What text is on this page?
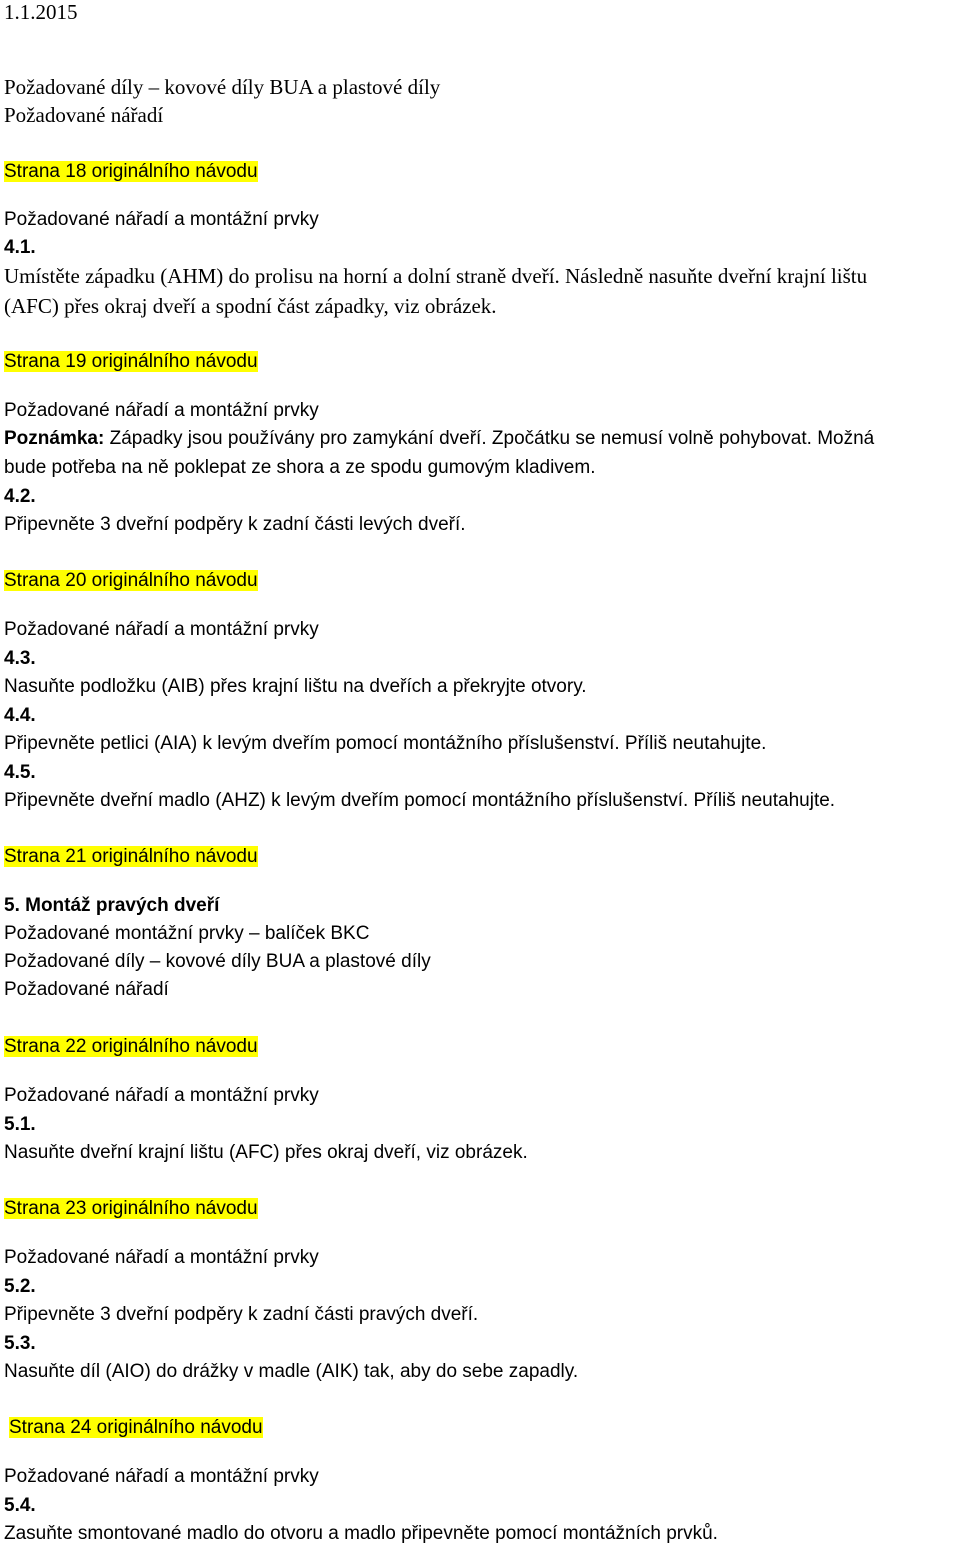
1.1.2015
Požadované díly – kovové díly BUA a plastové díly
Požadované nářadí
Strana 18 originálního návodu
Požadované nářadí a montážní prvky
4.1.
Umístěte západku (AHM) do prolisu na horní a dolní straně dveří. Následně nasuňte dveřní krajní lištu
(AFC) přes okraj dveří a spodní část západky, viz obrázek.
Strana 19 originálního návodu
Požadované nářadí a montážní prvky
Poznámka: Západky jsou používány pro zamykání dveří. Zpočátku se nemusí volně pohybovat. Možná
bude potřeba na ně poklepat ze shora a ze spodu gumovým kladivem.
4.2.
Připevněte 3 dveřní podpěry k zadní části levých dveří.
Strana 20 originálního návodu
Požadované nářadí a montážní prvky
4.3.
Nasuňte podložku (AIB) přes krajní lištu na dveřích a překryjte otvory.
4.4.
Připevněte petlici (AIA) k levým dveřím pomocí montážního příslušenství. Příliš neutahujte.
4.5.
Připevněte dveřní madlo (AHZ) k levým dveřím pomocí montážního příslušenství. Příliš neutahujte.
Strana 21 originálního návodu
5. Montáž pravých dveří
Požadované montážní prvky – balíček BKC
Požadované díly – kovové díly BUA a plastové díly
Požadované nářadí
Strana 22 originálního návodu
Požadované nářadí a montážní prvky
5.1.
Nasuňte dveřní krajní lištu (AFC) přes okraj dveří, viz obrázek.
Strana 23 originálního návodu
Požadované nářadí a montážní prvky
5.2.
Připevněte 3 dveřní podpěry k zadní části pravých dveří.
5.3.
Nasuňte díl (AIO) do drážky v madle (AIK) tak, aby do sebe zapadly.
Strana 24 originálního návodu
Požadované nářadí a montážní prvky
5.4.
Zasuňte smontované madlo do otvoru a madlo připevněte pomocí montážních prvků.
